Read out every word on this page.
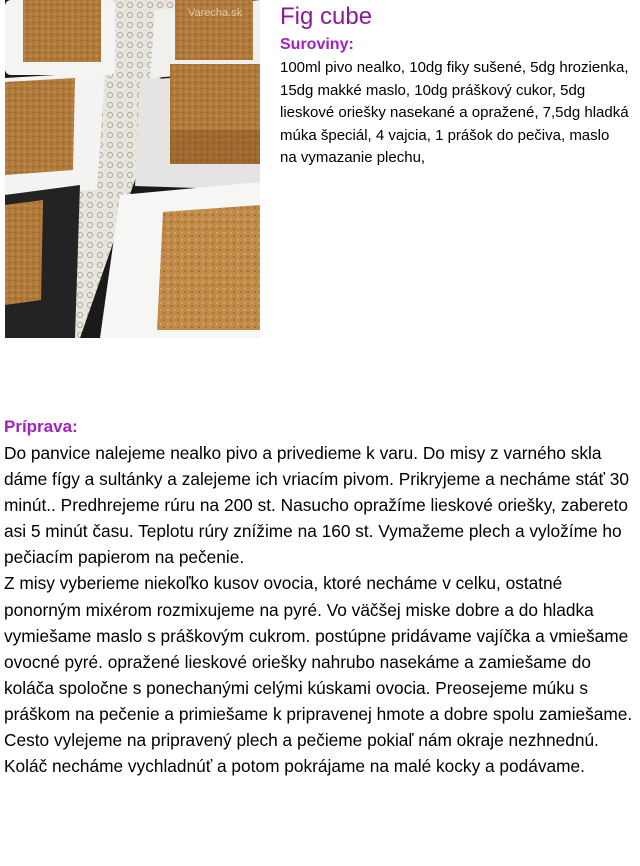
Varecha.sk Fig cube
Suroviny:

100ml pivo nealko, 10dg fiky sušené, 5dg hrozienka, 15dg makké maslo, 10dg práškový cukor, 5dg lieskové oriešky nasekané a opražené, 7,5dg hladká múka špeciál, 4 vajcia, 1 prášok do pečiva, maslo na vymazanie plechu,

Príprava:

Do panvice nalejeme nealko pivo a privedieme k varu. Do misy z varného skla dáme fígy a sultánky a zalejeme ich vriacím pivom. Prikryjeme a necháme stáť 30 minút.. Predhrejeme rúru na 200 st. Nasucho opražíme lieskové oriešky, zabereto asi 5 minút času. Teplotu rúry znížime na 160 st. Vymažeme plech a vyložíme ho pečiacím papierom na pečenie.

Z misy vyberieme niekoľko kusov ovocia, ktoré necháme v celku, ostatné ponorným mixérom rozmixujeme na pyré. Vo väčšej miske dobre a do hladka vymiešame maslo s práškovým cukrom. postúpne pridávame vajíčka a vmiešame ovocné pyré. opražené lieskové oriešky nahrubo nasekáme a zamiešame do koláča spoločne s ponechanými celými kúskami ovocia. Preosejeme múku s práškom na pečenie a primiešame k pripravenej hmote a dobre spolu zamiešame. Cesto vylejeme na pripravený plech a pečieme pokiaľ nám okraje nezhnednú. Koláč necháme vychladnúť a potom pokrájame na malé kocky a podávame.
